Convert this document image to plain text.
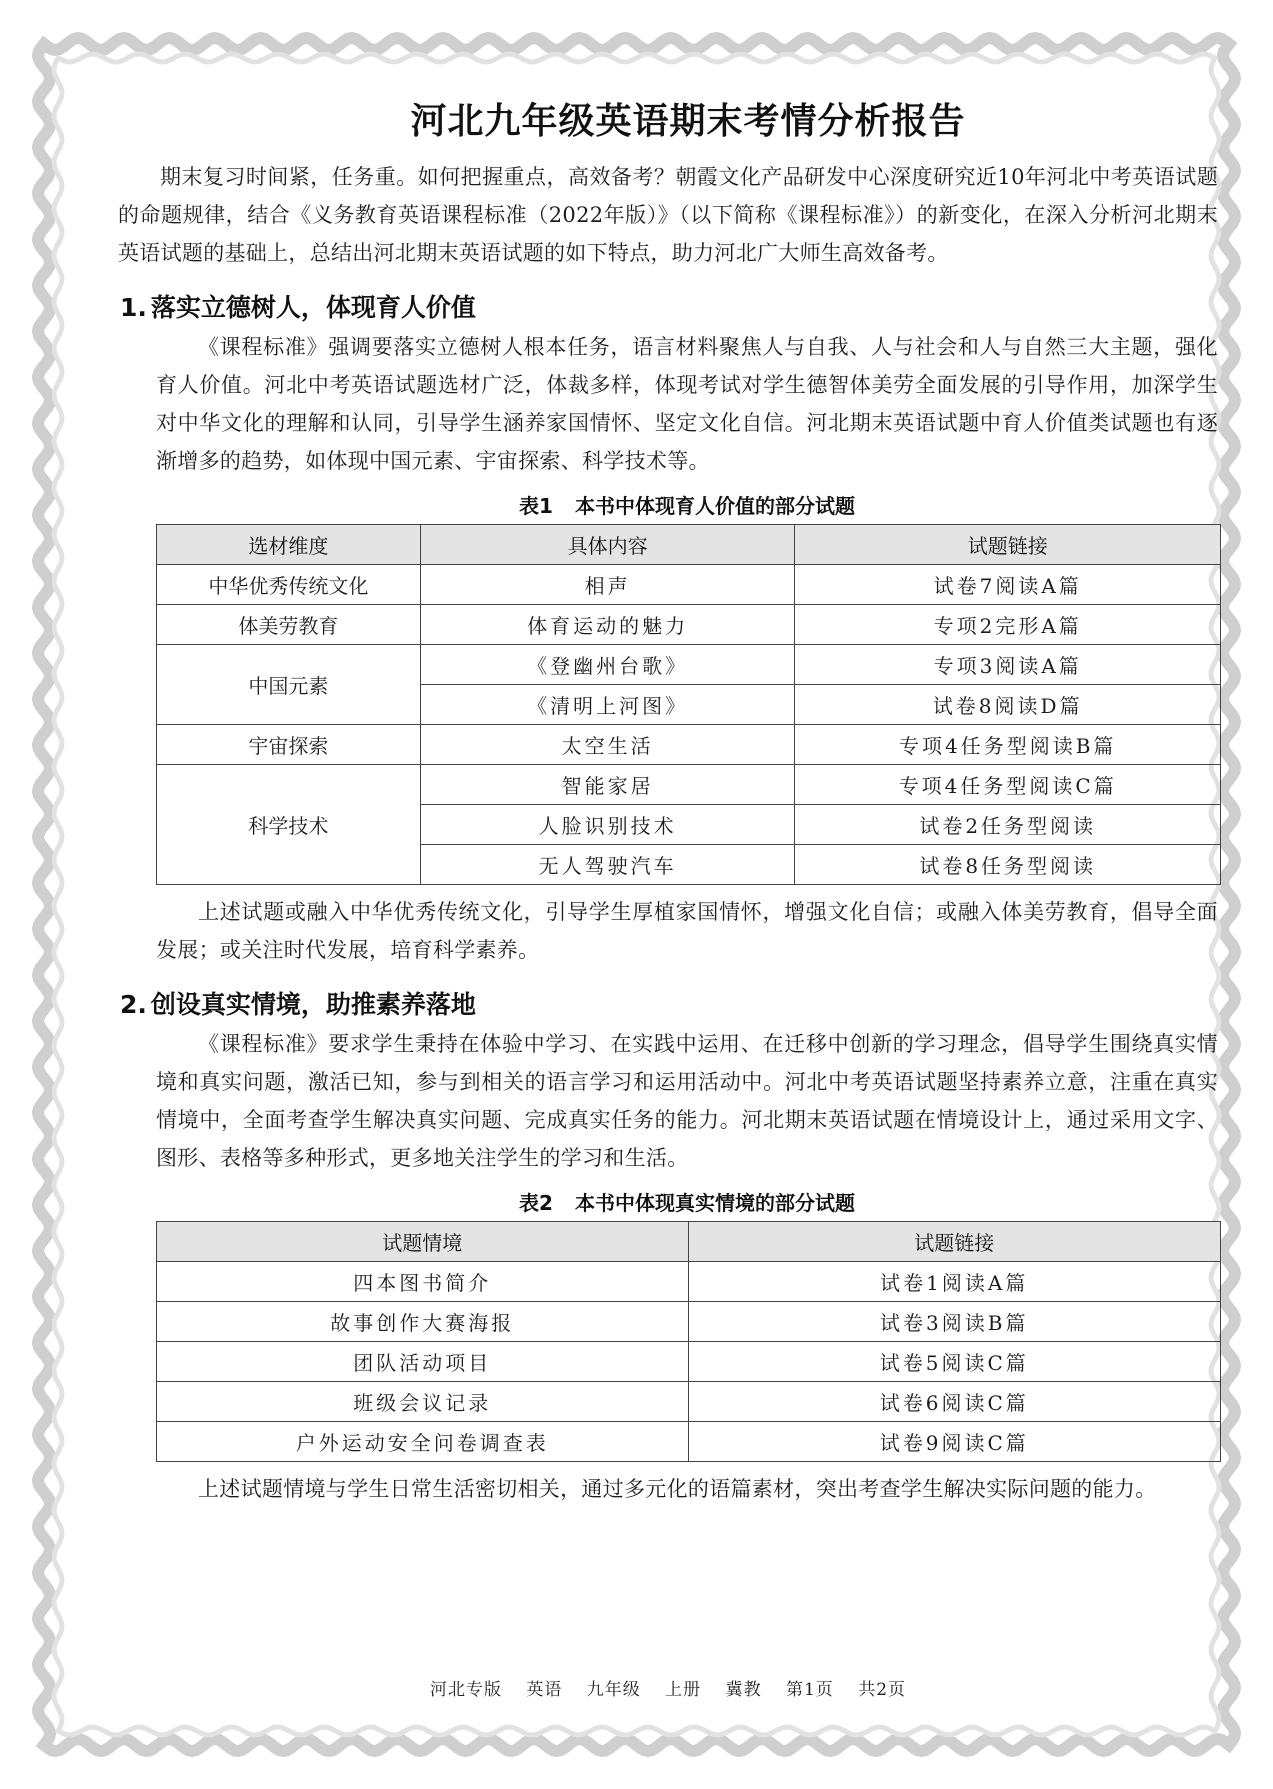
河北九年级英语期末考情分析报告

期末复习时间紧，任务重。如何把握重点，高效备考？朝霞文化产品研发中心深度研究近10年河北中考英语试题的命题规律，结合《义务教育英语课程标准（2022年版）》（以下简称《课程标准》）的新变化，在深入分析河北期末英语试题的基础上，总结出河北期末英语试题的如下特点，助力河北广大师生高效备考。

1. 落实立德树人，体现育人价值

《课程标准》强调要落实立德树人根本任务，语言材料聚焦人与自我、人与社会和人与自然三大主题，强化育人价值。河北中考英语试题选材广泛，体裁多样，体现考试对学生德智体美劳全面发展的引导作用，加深学生对中华文化的理解和认同，引导学生涵养家国情怀、坚定文化自信。河北期末英语试题中育人价值类试题也有逐渐增多的趋势，如体现中国元素、宇宙探索、科学技术等。

表1 本书中体现育人价值的部分试题
选材维度	具体内容	试题链接
中华优秀传统文化	相声	试卷7阅读A篇
体美劳教育	体育运动的魅力	专项2完形A篇
中国元素	《登幽州台歌》	专项3阅读A篇
	《清明上河图》	试卷8阅读D篇
宇宙探索	太空生活	专项4任务型阅读B篇
科学技术	智能家居	专项4任务型阅读C篇
	人脸识别技术	试卷2任务型阅读
	无人驾驶汽车	试卷8任务型阅读

上述试题或融入中华优秀传统文化，引导学生厚植家国情怀，增强文化自信；或融入体美劳教育，倡导全面发展；或关注时代发展，培育科学素养。

2. 创设真实情境，助推素养落地

《课程标准》要求学生秉持在体验中学习、在实践中运用、在迁移中创新的学习理念，倡导学生围绕真实情境和真实问题，激活已知，参与到相关的语言学习和运用活动中。河北中考英语试题坚持素养立意，注重在真实情境中，全面考查学生解决真实问题、完成真实任务的能力。河北期末英语试题在情境设计上，通过采用文字、图形、表格等多种形式，更多地关注学生的学习和生活。

表2 本书中体现真实情境的部分试题
试题情境	试题链接
四本图书简介	试卷1阅读A篇
故事创作大赛海报	试卷3阅读B篇
团队活动项目	试卷5阅读C篇
班级会议记录	试卷6阅读C篇
户外运动安全问卷调查表	试卷9阅读C篇

上述试题情境与学生日常生活密切相关，通过多元化的语篇素材，突出考查学生解决实际问题的能力。

河北专版 英语 九年级 上册 冀教 第1页 共2页
